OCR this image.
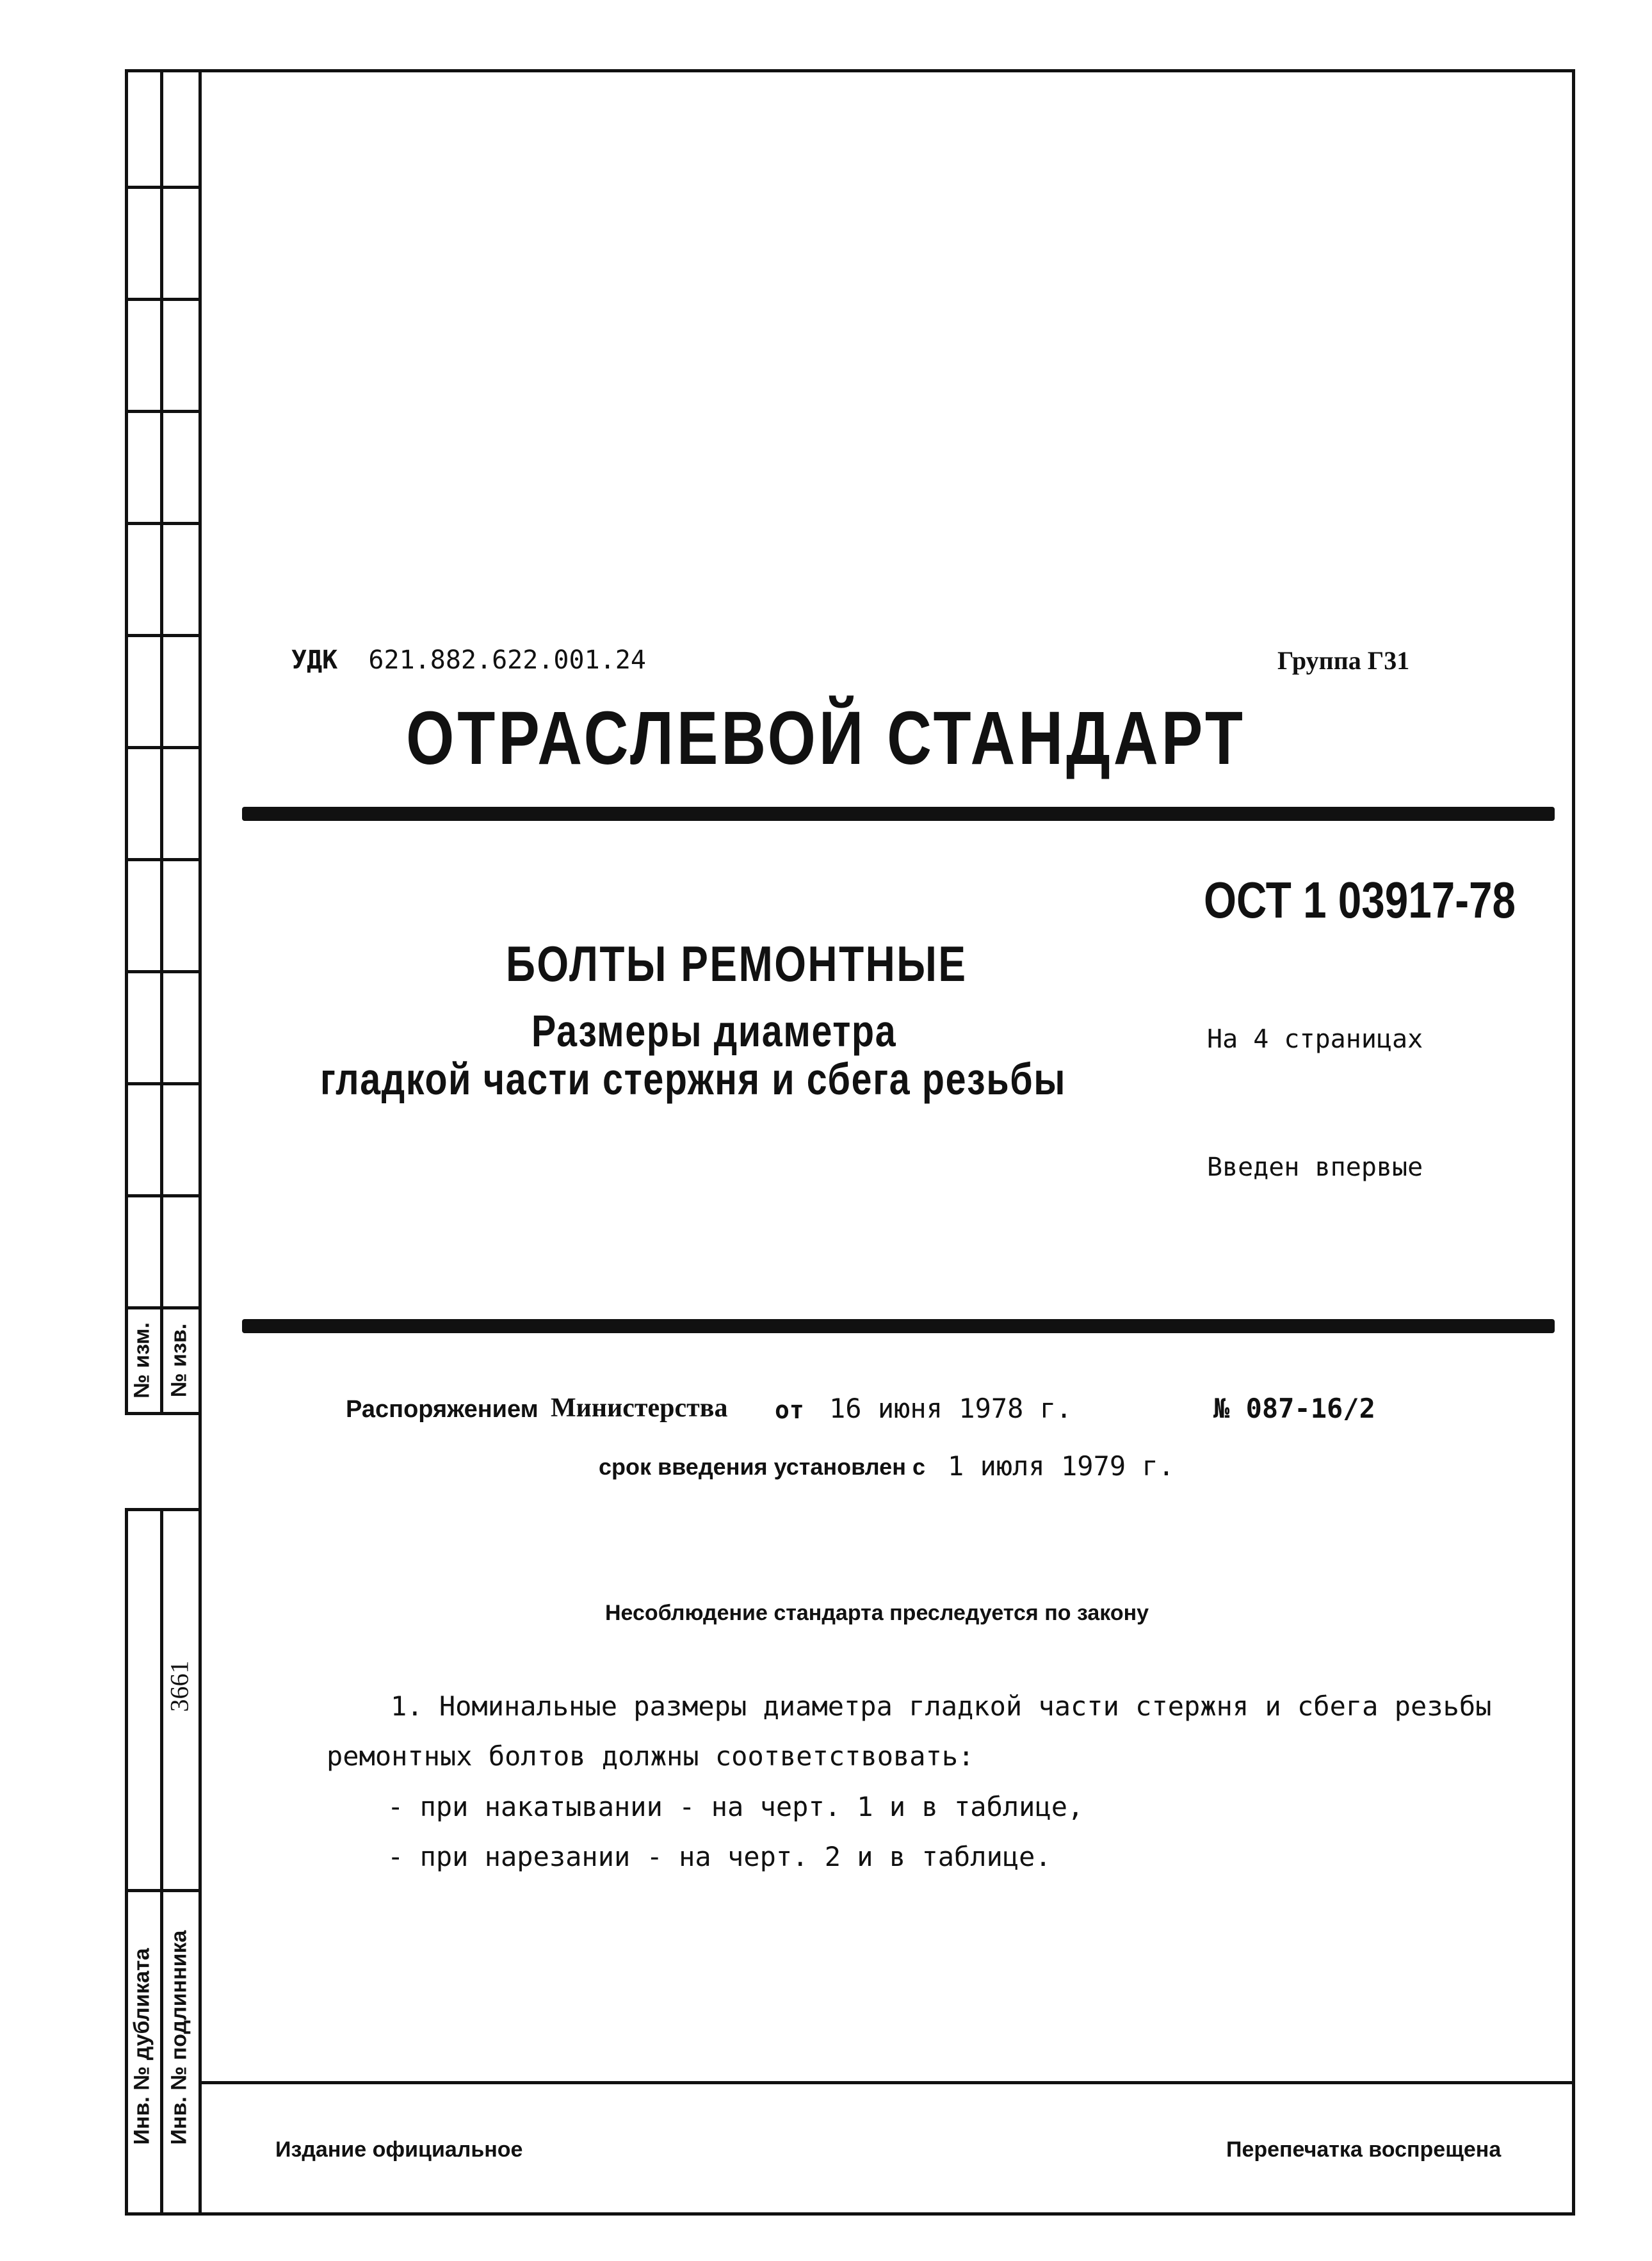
№ изм. № изв.
3661
Инв. № дубликата Инв. № подлинника
УДК 621.882.622.001.24	Группа Г31
ОТРАСЛЕВОЙ СТАНДАРТ
ОСТ 1 03917-78
БОЛТЫ РЕМОНТНЫЕ
Размеры диаметра
гладкой части стержня и сбега резьбы
На 4 страницах
Введен впервые
Распоряжением Министерства от 16 июня 1978 г.	№ 087-16/2
срок введения установлен с 1 июля 1979 г.
Несоблюдение стандарта преследуется по закону
1. Номинальные размеры диаметра гладкой части стержня и сбега резьбы
ремонтных болтов должны соответствовать:
- при накатывании - на черт. 1 и в таблице,
- при нарезании - на черт. 2 и в таблице.
Издание официальное	Перепечатка воспрещена
